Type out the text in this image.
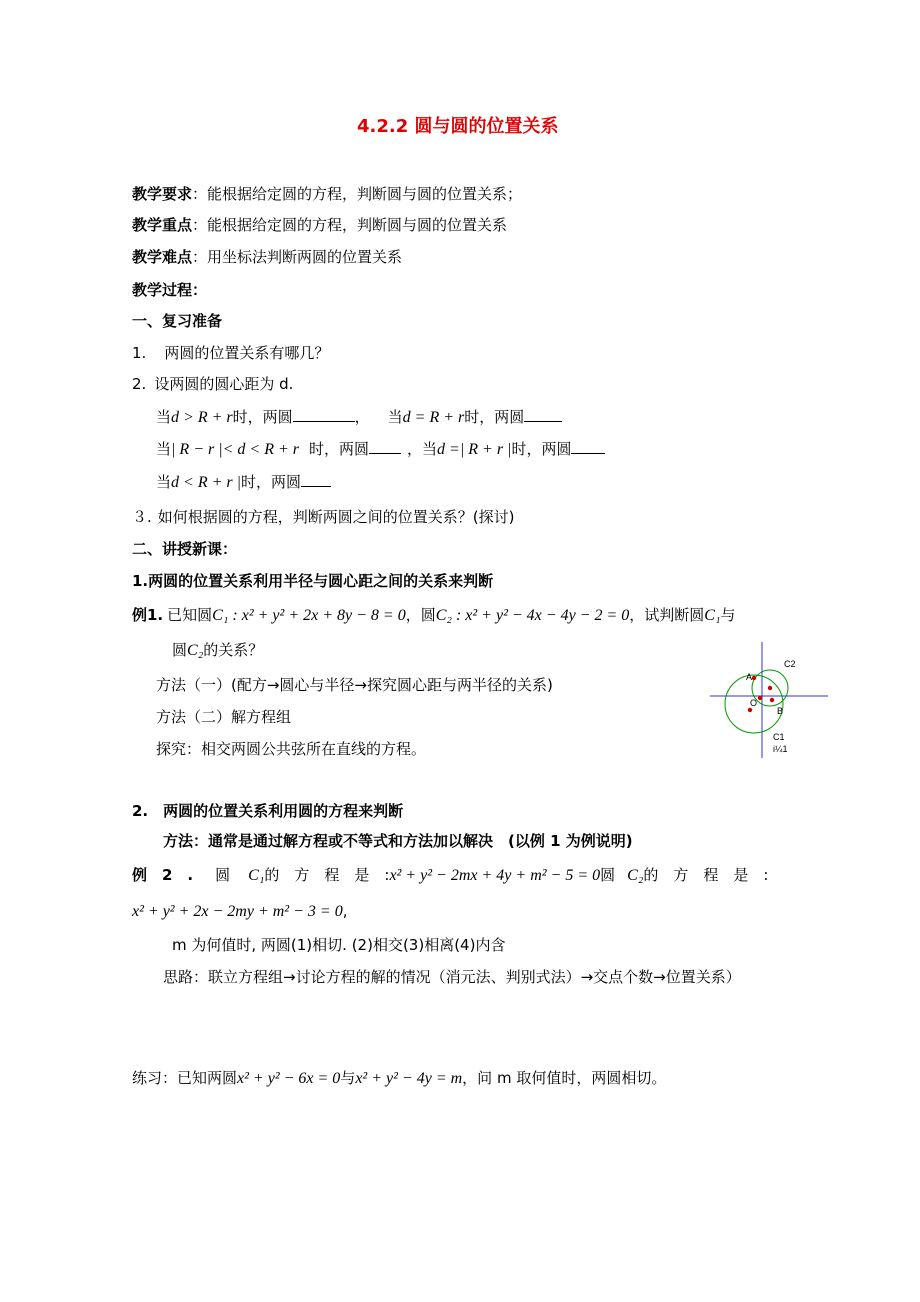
4.2.2 圆与圆的位置关系
教学要求：能根据给定圆的方程，判断圆与圆的位置关系；
教学重点：能根据给定圆的方程，判断圆与圆的位置关系
教学难点：用坐标法判断两圆的位置关系
教学过程：
一、复习准备
1. 两圆的位置关系有哪几？
2. 设两圆的圆心距为 d.
当d > R + r时，两圆	， 当d = R + r时，两圆
当| R − r |< d < R + r 时，两圆	，当d =| R + r |时，两圆
当d < R + r |时，两圆
３. 如何根据圆的方程，判断两圆之间的位置关系？(探讨)
二、讲授新课：
1.两圆的位置关系利用半径与圆心距之间的关系来判断
例1. 已知圆C₁ : x² + y² + 2x + 8y − 8 = 0，圆C₂ : x² + y² − 4x − 4y − 2 = 0，试判断圆C₁与
圆C₂的关系？
方法（一）(配方→圆心与半径→探究圆心距与两半径的关系)
方法（二）解方程组
探究：相交两圆公共弦所在直线的方程。
C2
A
O
B
C1
i¼1
2.　两圆的位置关系利用圆的方程来判断
方法：通常是通过解方程或不等式和方法加以解决　(以例 1 为例说明)
例　2　. 圆 C₁的　方　程　是　:x² + y² − 2mx + 4y + m² − 5 = 0圆 C₂的　方　程　是　:
x² + y² + 2x − 2my + m² − 3 = 0,
m 为何值时, 两圆(1)相切. (2)相交(3)相离(4)内含
思路：联立方程组→讨论方程的解的情况（消元法、判别式法）→交点个数→位置关系）
练习：已知两圆x² + y² − 6x = 0与x² + y² − 4y = m，问 m 取何值时，两圆相切。
